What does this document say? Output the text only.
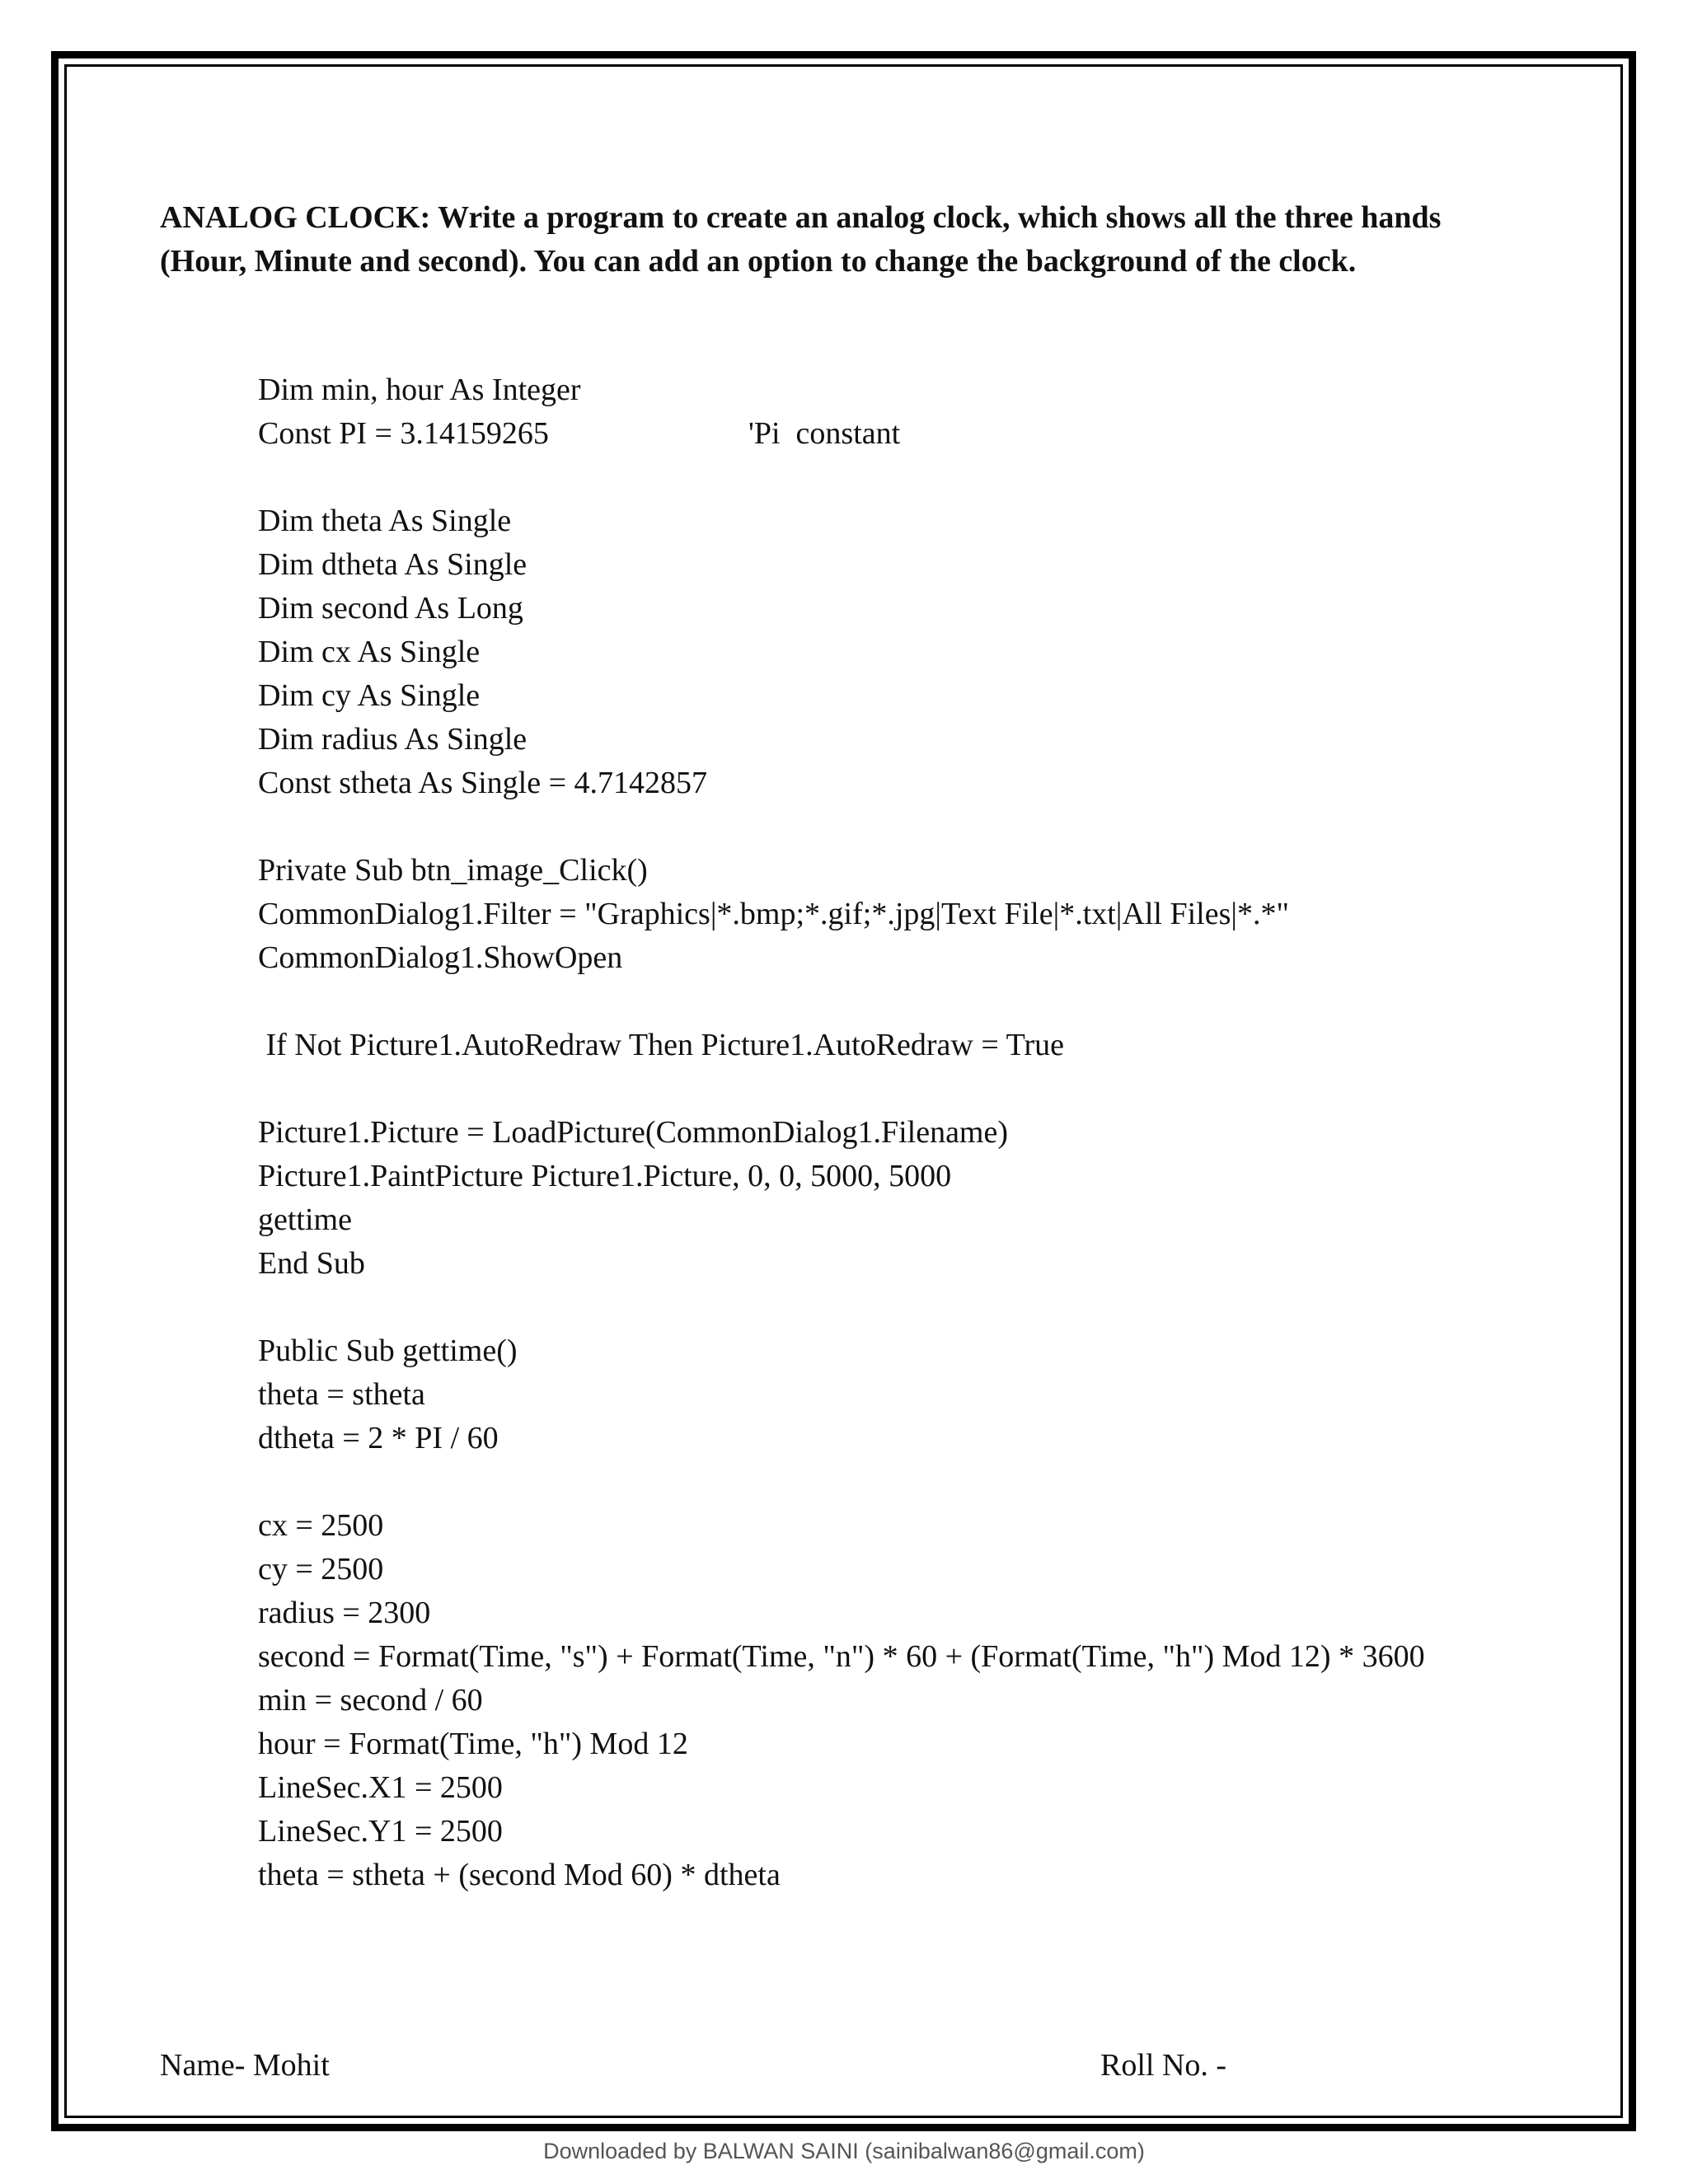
ANALOG CLOCK: Write a program to create an analog clock, which shows all the three hands (Hour, Minute and second). You can add an option to change the background of the clock.

Dim min, hour As Integer
Const PI = 3.14159265	'Pi  constant
Dim theta As Single
Dim dtheta As Single
Dim second As Long
Dim cx As Single
Dim cy As Single
Dim radius As Single
Const stheta As Single = 4.7142857
Private Sub btn_image_Click()
CommonDialog1.Filter = "Graphics|*.bmp;*.gif;*.jpg|Text File|*.txt|All Files|*.*"
CommonDialog1.ShowOpen
If Not Picture1.AutoRedraw Then Picture1.AutoRedraw = True
Picture1.Picture = LoadPicture(CommonDialog1.Filename)
Picture1.PaintPicture Picture1.Picture, 0, 0, 5000, 5000
gettime
End Sub
Public Sub gettime()
theta = stheta
dtheta = 2 * PI / 60
cx = 2500
cy = 2500
radius = 2300
second = Format(Time, "s") + Format(Time, "n") * 60 + (Format(Time, "h") Mod 12) * 3600
min = second / 60
hour = Format(Time, "h") Mod 12
LineSec.X1 = 2500
LineSec.Y1 = 2500
theta = stheta + (second Mod 60) * dtheta
Name- Mohit	Roll No. -
Downloaded by BALWAN SAINI (sainibalwan86@gmail.com)
